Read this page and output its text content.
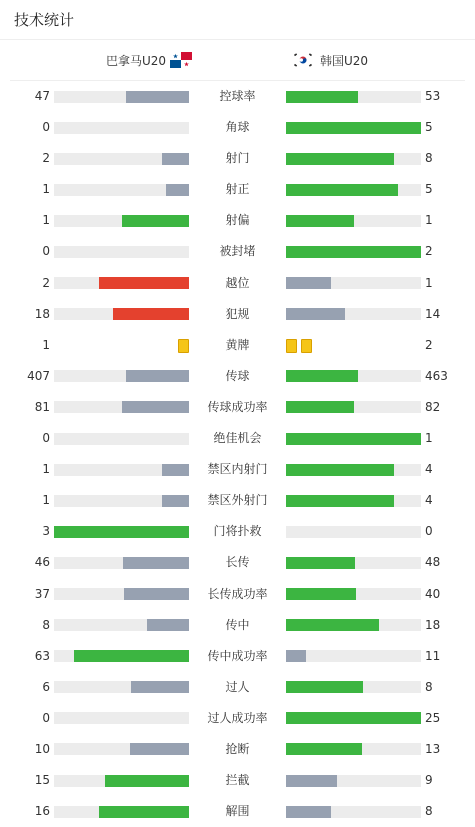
技术统计
巴拿马U20	韩国U20
47	控球率	53
0	角球	5
2	射门	8
1	射正	5
1	射偏	1
0	被封堵	2
2	越位	1
18	犯规	14
1	黄牌	2
407	传球	463
81	传球成功率	82
0	绝佳机会	1
1	禁区内射门	4
1	禁区外射门	4
3	门将扑救	0
46	长传	48
37	长传成功率	40
8	传中	18
63	传中成功率	11
6	过人	8
0	过人成功率	25
10	抢断	13
15	拦截	9
16	解围	8
